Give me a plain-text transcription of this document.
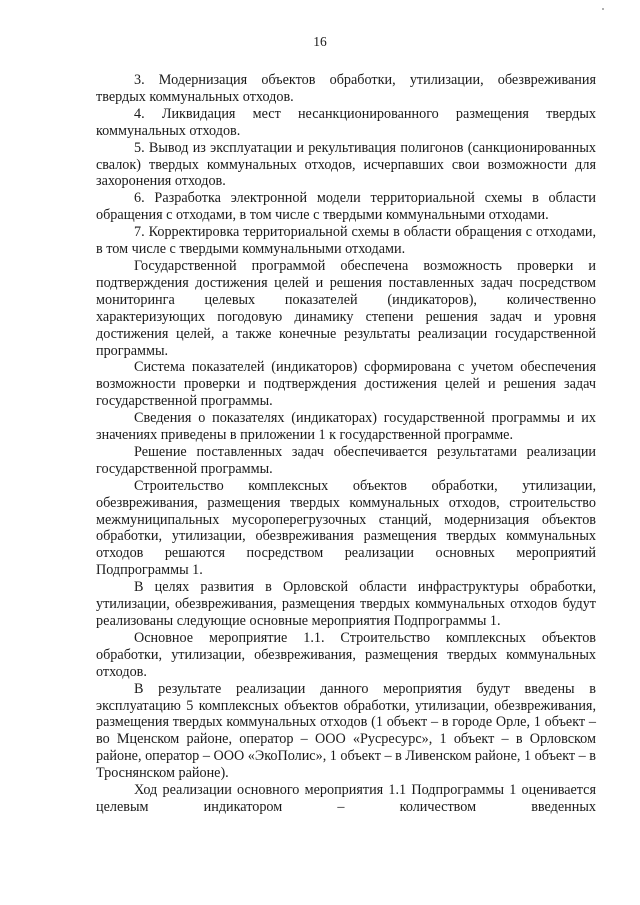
16

3. Модернизация объектов обработки, утилизации, обезвреживания твердых коммунальных отходов.

4. Ликвидация мест несанкционированного размещения твердых коммунальных отходов.

5. Вывод из эксплуатации и рекультивация полигонов (санкционированных свалок) твердых коммунальных отходов, исчерпавших свои возможности для захоронения отходов.

6. Разработка электронной модели территориальной схемы в области обращения с отходами, в том числе с твердыми коммунальными отходами.

7. Корректировка территориальной схемы в области обращения с отходами, в том числе с твердыми коммунальными отходами.

Государственной программой обеспечена возможность проверки и подтверждения достижения целей и решения поставленных задач посредством мониторинга целевых показателей (индикаторов), количественно характеризующих погодовую динамику степени решения задач и уровня достижения целей, а также конечные результаты реализации государственной программы.

Система показателей (индикаторов) сформирована с учетом обеспечения возможности проверки и подтверждения достижения целей и решения задач государственной программы.

Сведения о показателях (индикаторах) государственной программы и их значениях приведены в приложении 1 к государственной программе.

Решение поставленных задач обеспечивается результатами реализации государственной программы.

Строительство комплексных объектов обработки, утилизации, обезвреживания, размещения твердых коммунальных отходов, строительство межмуниципальных мусороперегрузочных станций, модернизация объектов обработки, утилизации, обезвреживания размещения твердых коммунальных отходов решаются посредством реализации основных мероприятий Подпрограммы 1.

В целях развития в Орловской области инфраструктуры обработки, утилизации, обезвреживания, размещения твердых коммунальных отходов будут реализованы следующие основные мероприятия Подпрограммы 1.

Основное мероприятие 1.1. Строительство комплексных объектов обработки, утилизации, обезвреживания, размещения твердых коммунальных отходов.

В результате реализации данного мероприятия будут введены в эксплуатацию 5 комплексных объектов обработки, утилизации, обезвреживания, размещения твердых коммунальных отходов (1 объект – в городе Орле, 1 объект – во Мценском районе, оператор – ООО «Русресурс», 1 объект – в Орловском районе, оператор – ООО «ЭкоПолис», 1 объект – в Ливенском районе, 1 объект – в Троснянском районе).

Ход реализации основного мероприятия 1.1 Подпрограммы 1 оценивается целевым индикатором – количеством введенных
